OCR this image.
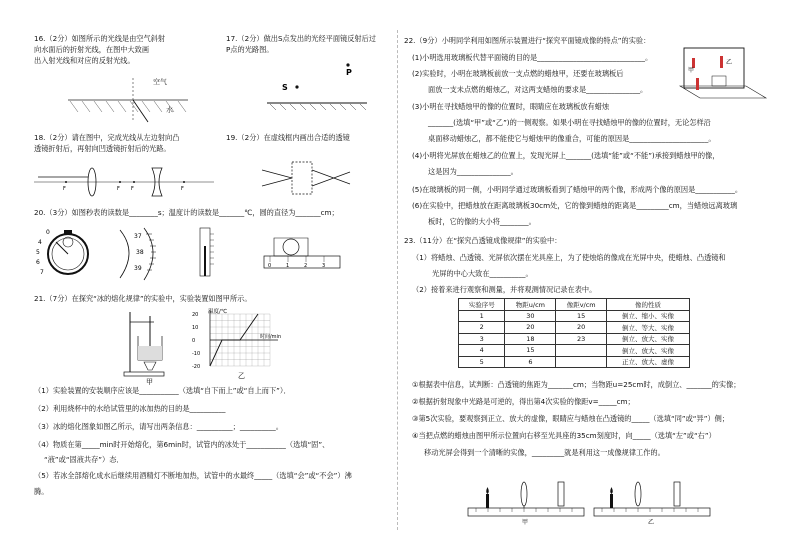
16.（2分）如图所示的光线是由空气斜射
向水面后的折射光线，在图中大致画
出入射光线和对应的反射光线。
空气
水
17.（2分）做出S点发出的光经平面镜反射后过
P点的光路图。
P
S
18.（2分）请在图中，完成光线从左边射向凸
透镜折射后，再射向凹透镜折射后的光路。
F	F F	F
19.（2分）在虚线框内画出合适的透镜
20.（3分）如图秒表的读数是________s；温度计的读数是_______℃，圆的直径为_______cm；
0
4
5
6
7
37
38
39	0	1	2	3
21.（7分）在探究“冰的熔化规律”的实验中，实验装置如图甲所示。
甲
温度/℃
时间/min
20
10
0
-10
-20
乙
（1）实验装置的安装顺序应该是___________（选填“自下而上”或“自上而下”）．
（2）利用烧杯中的水给试管里的冰加热的目的是__________
（3）冰的熔化图象如图乙所示，请写出两条信息：__________；__________。
（4）物质在第_____min时开始熔化，第6min时，试管内的冰处于___________（选填“固”、
“液”或“固液共存”）态．
（5）若冰全部熔化成水后继续用酒精灯不断地加热，试管中的水最终_____（选填“会”或“不会”）沸
腾。
22.（9分）小明同学利用如图所示装置进行“探究平面镜成像的特点”的实验：
(1)小明选用玻璃板代替平面镜的目的是______________________________。
(2)实验时，小明在玻璃板前放一支点燃的蜡烛甲，还要在玻璃板后
面放一支未点燃的蜡烛乙，对这两支蜡烛的要求是_______________。
(3)小明在寻找蜡烛甲的像的位置时，眼睛应在玻璃板放有蜡烛
_______(选填“甲”或“乙”)的一侧观察。如果小明在寻找蜡烛甲的像的位置时，无论怎样沿
桌面移动蜡烛乙，都不能使它与蜡烛甲的像重合，可能的原因是______________________。
(4)小明将光屏放在蜡烛乙的位置上，发现光屏上_______(选填“能”或“不能”)承接到蜡烛甲的像，
这是因为_______________。
(5)在玻璃板的同一侧，小明同学通过玻璃板看到了蜡烛甲的两个像，形成两个像的原因是___________。
(6)在实验中，把蜡烛放在距离玻璃板30cm处，它的像到蜡烛的距离是_________cm，当蜡烛远离玻璃
板时，它的像的大小将________。
甲
乙
23.（11分）在“探究凸透镜成像规律”的实验中：
（1）将蜡烛、凸透镜、光屏依次摆在光具座上，为了使烛焰的像成在光屏中央，使蜡烛、凸透镜和
光屏的中心大致在__________。
（2）接着来进行观察和测量，并将观测情况记录在表中。
实验序号	物距u/cm	像距v/cm	像的性质
1	30	15	倒立、缩小、实像
2	20	20	倒立、等大、实像
3	18	23	倒立、放大、实像
4	15		倒立、放大、实像
5	6		正立、放大、虚像
①根据表中信息，试判断：凸透镜的焦距为_______cm；当物距u=25cm时，成倒立、_______的实像；
②根据折射现象中光路是可逆的，得出第4次实验的像距v=_____cm；
③第5次实验，要观察到正立、放大的虚像，眼睛应与蜡烛在凸透镜的_____（选填“同”或“异”）侧；
④当把点燃的蜡烛由图甲所示位置向右移至光具座的35cm刻度时，向_____（选填“左”或“右”）
移动光屏会得到一个清晰的实像，_________就是利用这一成像规律工作的。
甲	乙
